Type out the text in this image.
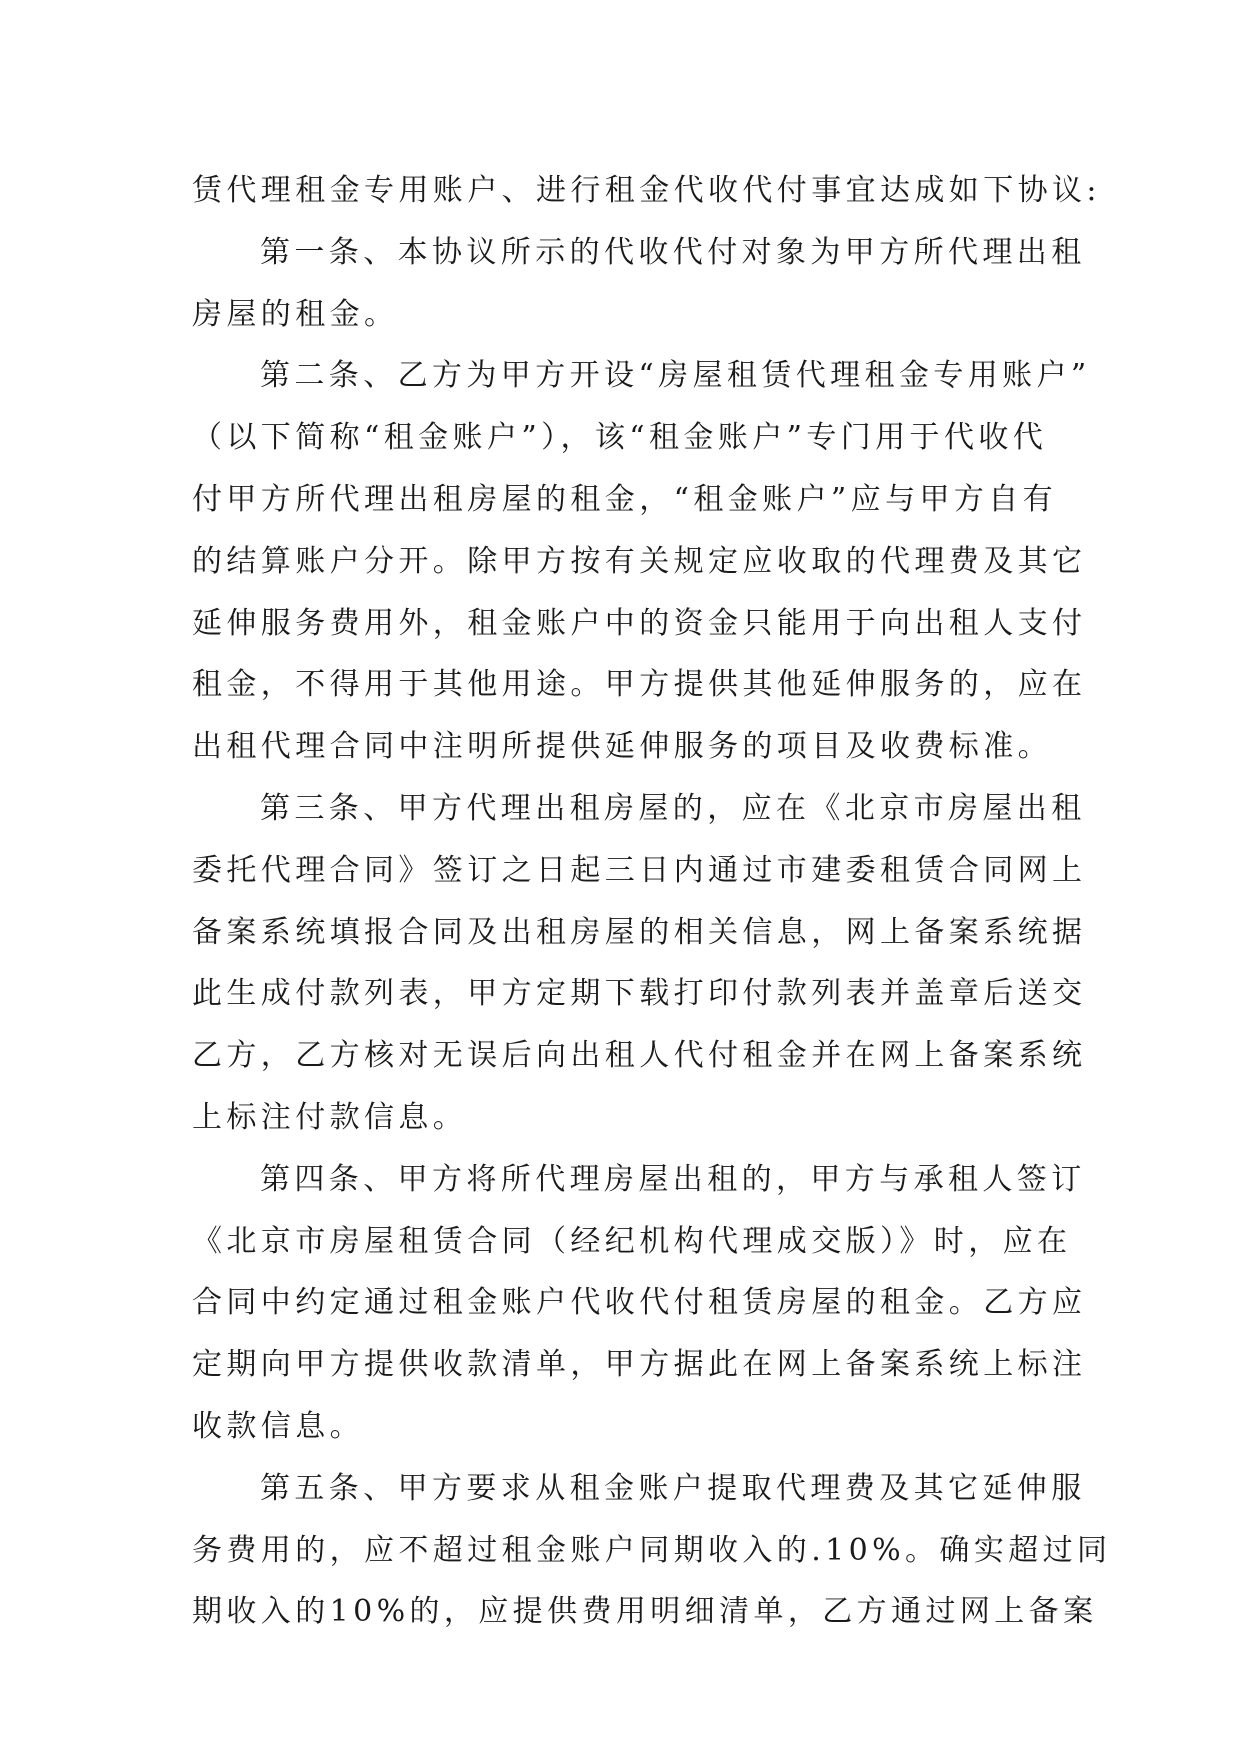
赁代理租金专用账户、进行租金代收代付事宜达成如下协议:
第一条、本协议所示的代收代付对象为甲方所代理出租
房屋的租金。
第二条、乙方为甲方开设“房屋租赁代理租金专用账户”
（以下简称“租金账户”），该“租金账户”专门用于代收代
付甲方所代理出租房屋的租金，“租金账户”应与甲方自有
的结算账户分开。除甲方按有关规定应收取的代理费及其它
延伸服务费用外，租金账户中的资金只能用于向出租人支付
租金，不得用于其他用途。甲方提供其他延伸服务的，应在
出租代理合同中注明所提供延伸服务的项目及收费标准。
第三条、甲方代理出租房屋的，应在《北京市房屋出租
委托代理合同》签订之日起三日内通过市建委租赁合同网上
备案系统填报合同及出租房屋的相关信息，网上备案系统据
此生成付款列表，甲方定期下载打印付款列表并盖章后送交
乙方，乙方核对无误后向出租人代付租金并在网上备案系统
上标注付款信息。
第四条、甲方将所代理房屋出租的，甲方与承租人签订
《北京市房屋租赁合同（经纪机构代理成交版）》时，应在
合同中约定通过租金账户代收代付租赁房屋的租金。乙方应
定期向甲方提供收款清单，甲方据此在网上备案系统上标注
收款信息。
第五条、甲方要求从租金账户提取代理费及其它延伸服
务费用的，应不超过租金账户同期收入的.10%。确实超过同
期收入的10%的，应提供费用明细清单，乙方通过网上备案
